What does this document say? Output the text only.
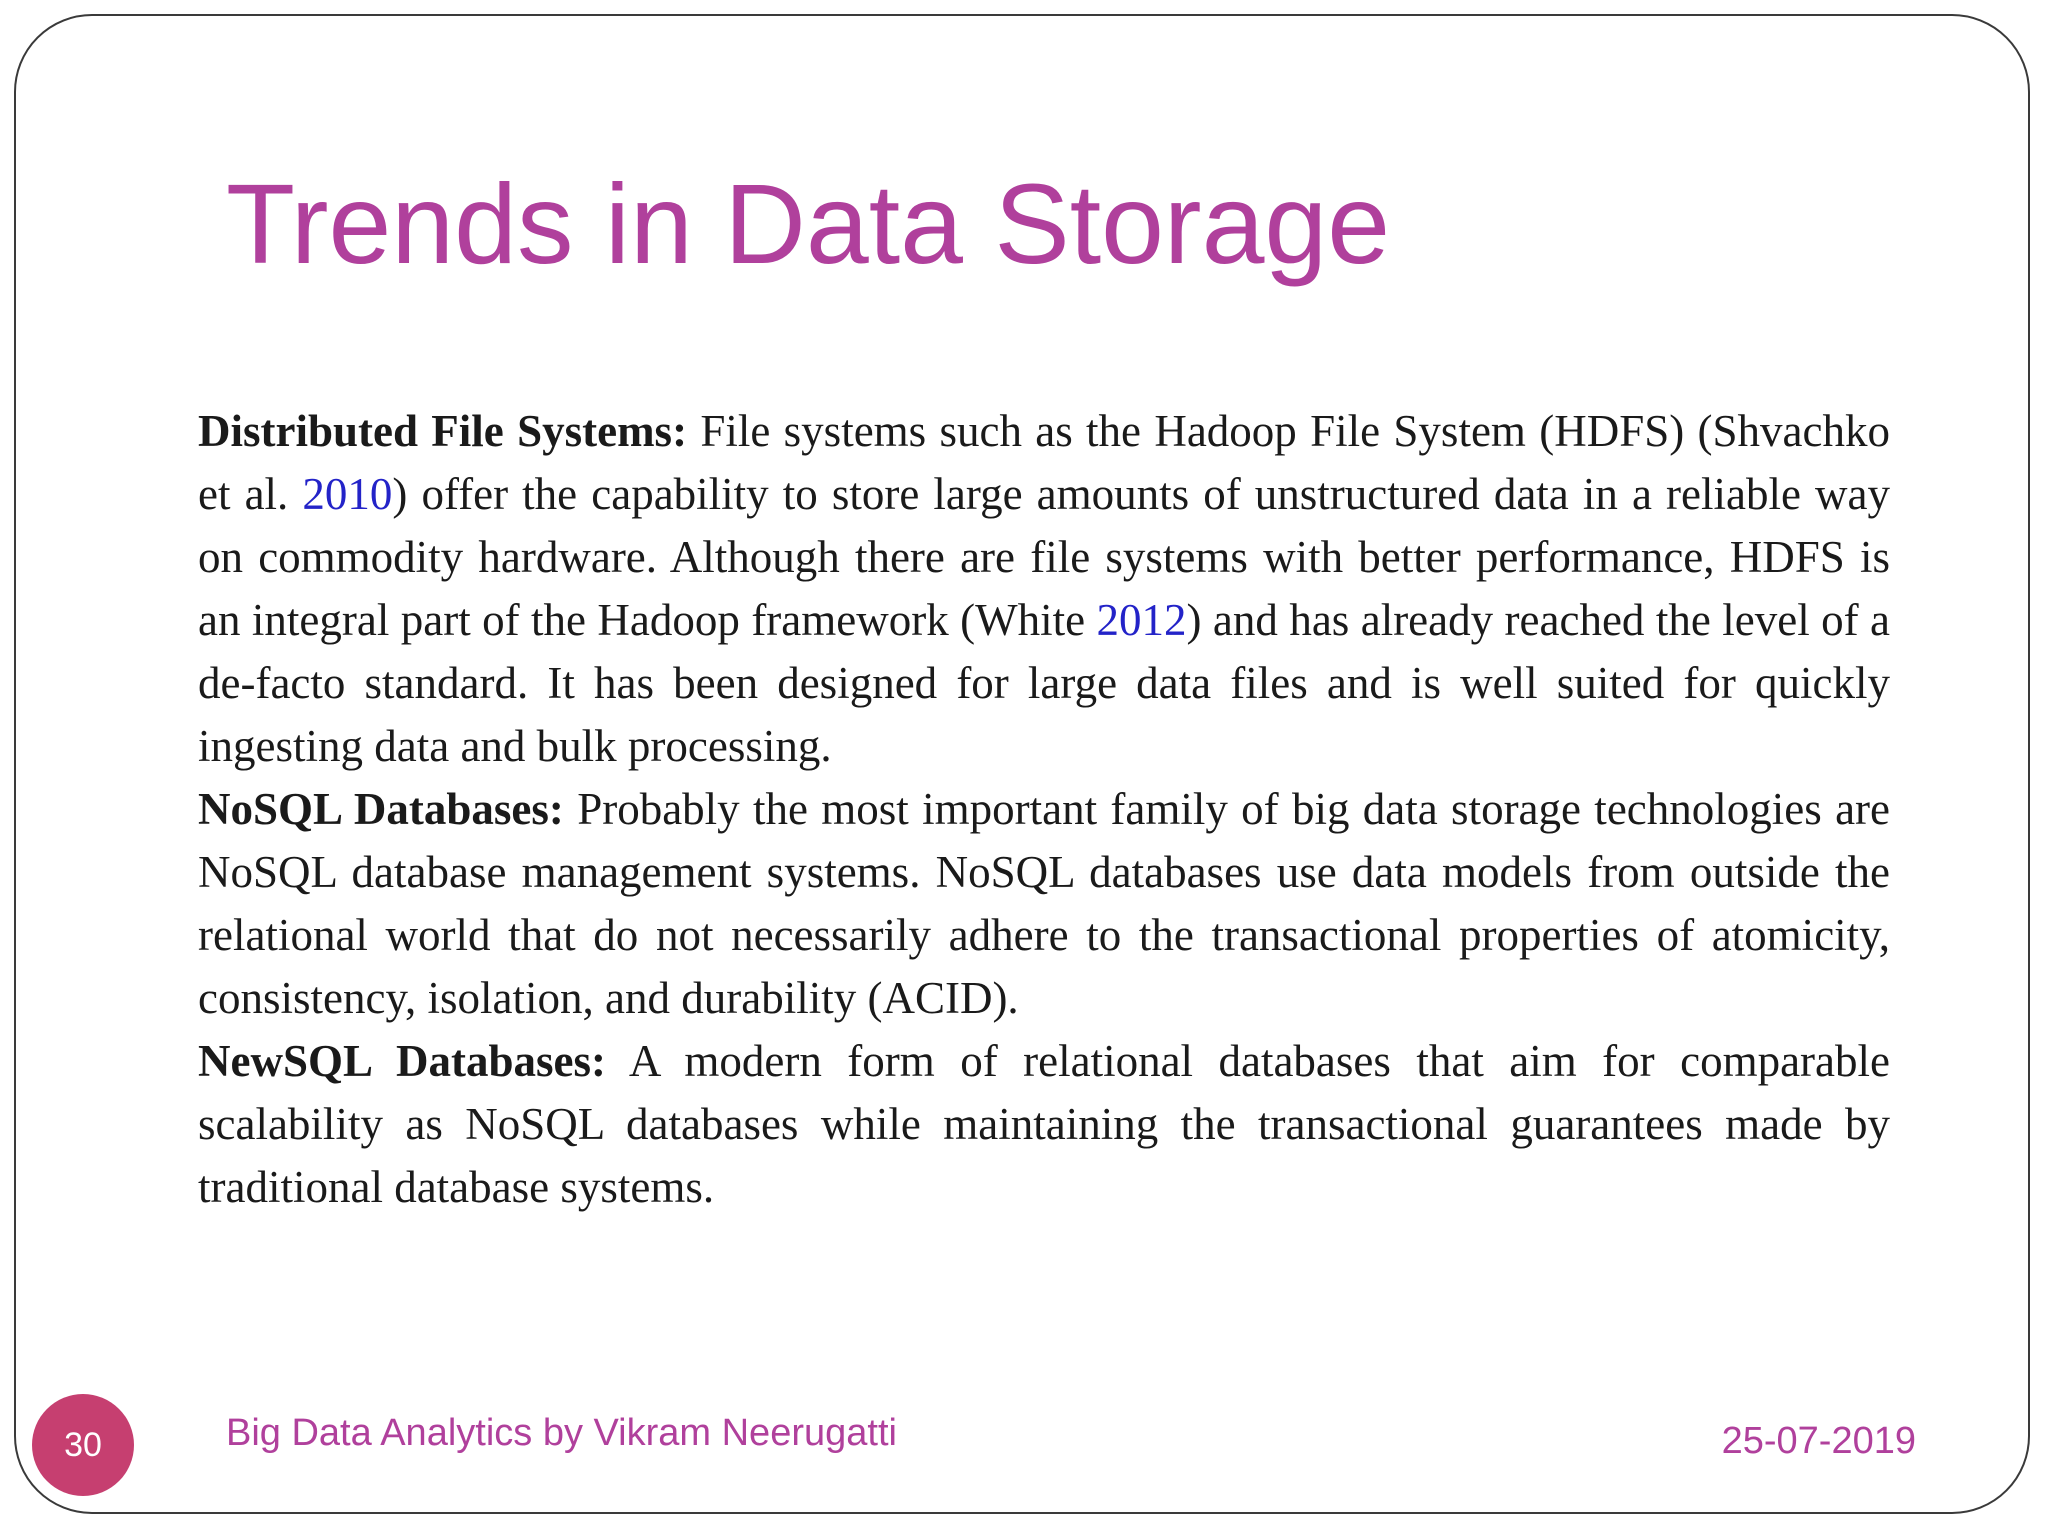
Trends in Data Storage

Distributed File Systems: File systems such as the Hadoop File System (HDFS) (Shvachko et al. 2010) offer the capability to store large amounts of unstructured data in a reliable way on commodity hardware. Although there are file systems with better performance, HDFS is an integral part of the Hadoop framework (White 2012) and has already reached the level of a de-facto standard. It has been designed for large data files and is well suited for quickly ingesting data and bulk processing.

NoSQL Databases: Probably the most important family of big data storage technologies are NoSQL database management systems. NoSQL databases use data models from outside the relational world that do not necessarily adhere to the transactional properties of atomicity, consistency, isolation, and durability (ACID).

NewSQL Databases: A modern form of relational databases that aim for comparable scalability as NoSQL databases while maintaining the transactional guarantees made by traditional database systems.

30	Big Data Analytics by Vikram Neerugatti	25-07-2019
